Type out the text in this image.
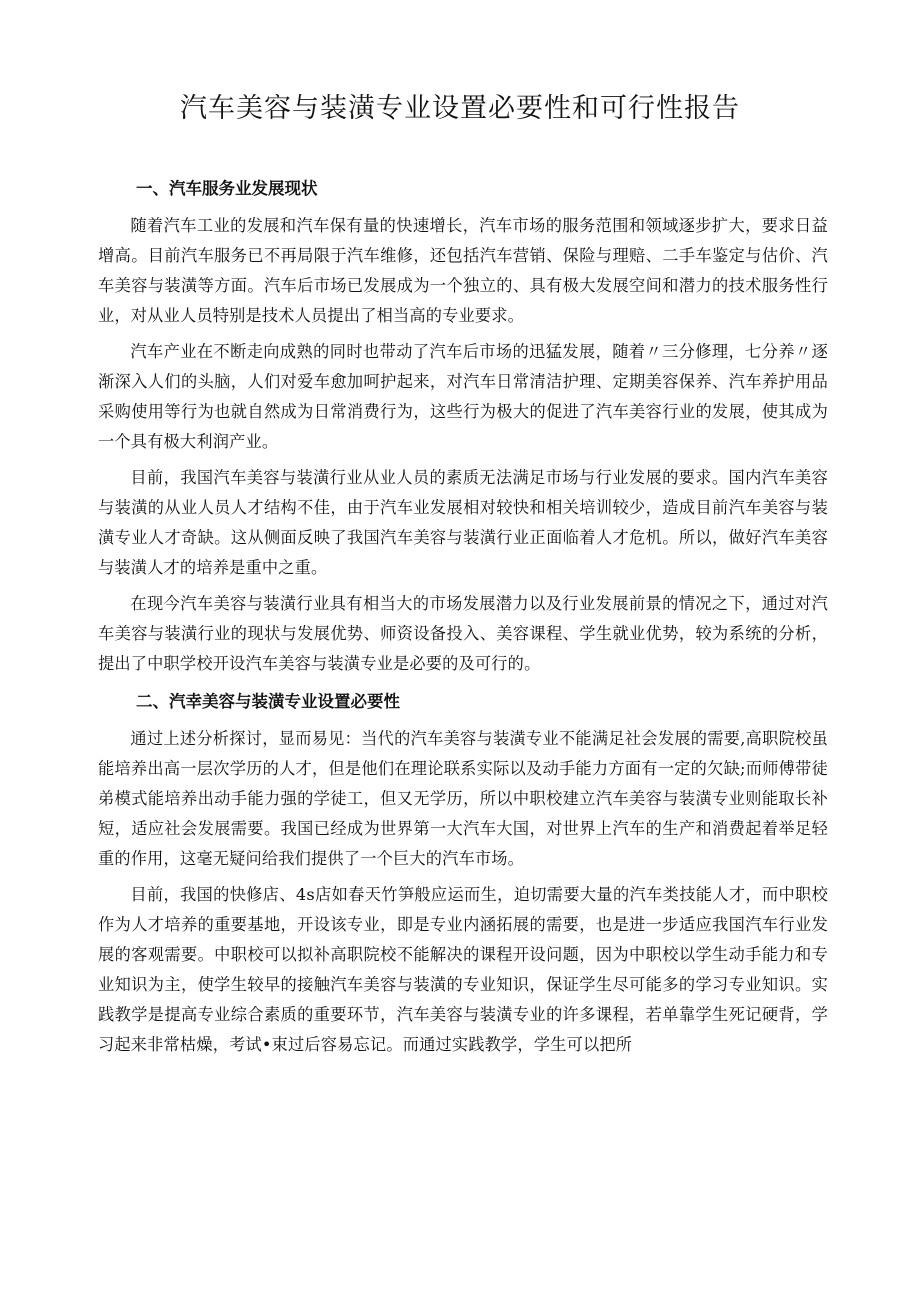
汽车美容与装潢专业设置必要性和可行性报告
一、汽车服务业发展现状

随着汽车工业的发展和汽车保有量的快速增长，汽车市场的服务范围和领域逐步扩大，要求日益增高。目前汽车服务已不再局限于汽车维修，还包括汽车营销、保险与理赔、二手车鉴定与估价、汽车美容与装潢等方面。汽车后市场已发展成为一个独立的、具有极大发展空间和潜力的技术服务性行业，对从业人员特别是技术人员提出了相当高的专业要求。

汽车产业在不断走向成熟的同时也带动了汽车后市场的迅猛发展，随着〃三分修理，七分养〃逐渐深入人们的头脑，人们对爱车愈加呵护起来，对汽车日常清洁护理、定期美容保养、汽车养护用品采购使用等行为也就自然成为日常消费行为，这些行为极大的促进了汽车美容行业的发展，使其成为一个具有极大利润产业。

目前，我国汽车美容与装潢行业从业人员的素质无法满足市场与行业发展的要求。国内汽车美容与装潢的从业人员人才结构不佳，由于汽车业发展相对较快和相关培训较少，造成目前汽车美容与装潢专业人才奇缺。这从侧面反映了我国汽车美容与装潢行业正面临着人才危机。所以，做好汽车美容与装潢人才的培养是重中之重。

在现今汽车美容与装潢行业具有相当大的市场发展潜力以及行业发展前景的情况之下，通过对汽车美容与装潢行业的现状与发展优势、师资设备投入、美容课程、学生就业优势，较为系统的分析，提出了中职学校开设汽车美容与装潢专业是必要的及可行的。

二、汽幸美容与装潢专业设置必要性

通过上述分析探讨，显而易见：当代的汽车美容与装潢专业不能满足社会发展的需要,高职院校虽能培养出高一层次学历的人才，但是他们在理论联系实际以及动手能力方面有一定的欠缺;而师傅带徒弟模式能培养出动手能力强的学徒工，但又无学历，所以中职校建立汽车美容与装潢专业则能取长补短，适应社会发展需要。我国已经成为世界第一大汽车大国，对世界上汽车的生产和消费起着举足轻重的作用，这毫无疑问给我们提供了一个巨大的汽车市场。

目前，我国的快修店、4s店如春天竹笋般应运而生，迫切需要大量的汽车类技能人才，而中职校作为人才培养的重要基地，开设该专业，即是专业内涵拓展的需要，也是进一步适应我国汽车行业发展的客观需要。中职校可以拟补高职院校不能解决的课程开设问题，因为中职校以学生动手能力和专业知识为主，使学生较早的接触汽车美容与装潢的专业知识，保证学生尽可能多的学习专业知识。实践教学是提高专业综合素质的重要环节，汽车美容与装潢专业的许多课程，若单靠学生死记硬背，学习起来非常枯燥，考试•束过后容易忘记。而通过实践教学，学生可以把所
